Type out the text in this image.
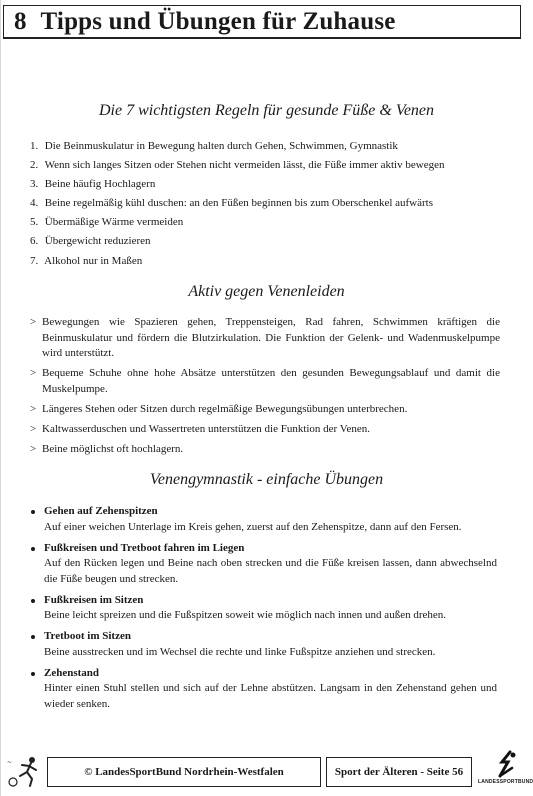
8 Tipps und Übungen für Zuhause
Die 7 wichtigsten Regeln für gesunde Füße & Venen
1. Die Beinmuskulatur in Bewegung halten durch Gehen, Schwimmen, Gymnastik
2. Wenn sich langes Sitzen oder Stehen nicht vermeiden lässt, die Füße immer aktiv bewegen
3. Beine häufig Hochlagern
4. Beine regelmäßig kühl duschen: an den Füßen beginnen bis zum Oberschenkel aufwärts
5. Übermäßige Wärme vermeiden
6. Übergewicht reduzieren
7. Alkohol nur in Maßen
Aktiv gegen Venenleiden
> Bewegungen wie Spazieren gehen, Treppensteigen, Rad fahren, Schwimmen kräftigen die Beinmuskulatur und fördern die Blutzirkulation. Die Funktion der Gelenk- und Wadenmuskelpumpe wird unterstützt.
> Bequeme Schuhe ohne hohe Absätze unterstützen den gesunden Bewegungsablauf und damit die Muskelpumpe.
> Längeres Stehen oder Sitzen durch regelmäßige Bewegungsübungen unterbrechen.
> Kaltwasserduschen und Wassertreten unterstützen die Funktion der Venen.
> Beine möglichst oft hochlagern.
Venengymnastik - einfache Übungen
Gehen auf Zehenspitzen
Auf einer weichen Unterlage im Kreis gehen, zuerst auf den Zehenspitze, dann auf den Fersen.
Fußkreisen und Tretboot fahren im Liegen
Auf den Rücken legen und Beine nach oben strecken und die Füße kreisen lassen, dann abwechselnd die Füße beugen und strecken.
Fußkreisen im Sitzen
Beine leicht spreizen und die Fußspitzen soweit wie möglich nach innen und außen drehen.
Tretboot im Sitzen
Beine ausstrecken und im Wechsel die rechte und linke Fußspitze anziehen und strecken.
Zehenstand
Hinter einen Stuhl stellen und sich auf der Lehne abstützen. Langsam in den Zehenstand gehen und wieder senken.
~
© LandesSportBund Nordrhein-Westfalen	Sport der Älteren - Seite 56
LANDESSPORTBUND
